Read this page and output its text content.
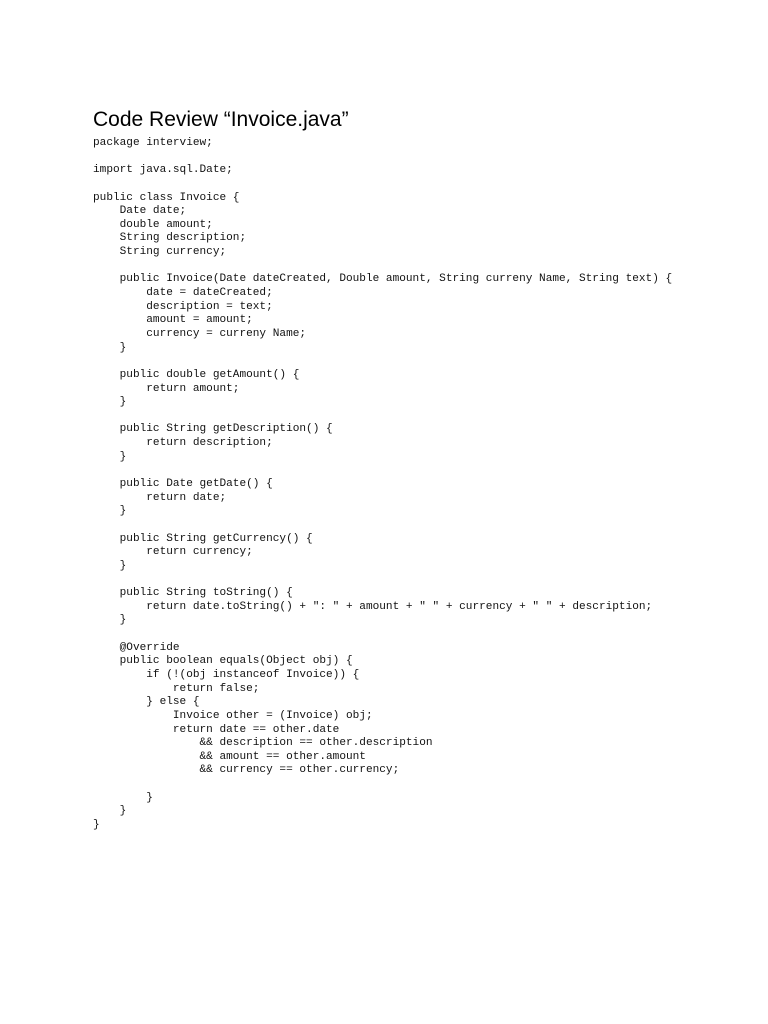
Code Review “Invoice.java”
package interview;
import java.sql.Date;
public class Invoice {
Date date;
double amount;
String description;
String currency;
public Invoice(Date dateCreated, Double amount, String curreny Name, String text) {
date = dateCreated;
description = text;
amount = amount;
currency = curreny Name;
}
public double getAmount() {
return amount;
}
public String getDescription() {
return description;
}
public Date getDate() {
return date;
}
public String getCurrency() {
return currency;
}
public String toString() {
return date.toString() + ": " + amount + " " + currency + " " + description;
}
@Override
public boolean equals(Object obj) {
if (!(obj instanceof Invoice)) {
return false;
} else {
Invoice other = (Invoice) obj;
return date == other.date
&& description == other.description
&& amount == other.amount
&& currency == other.currency;
}
}
}
